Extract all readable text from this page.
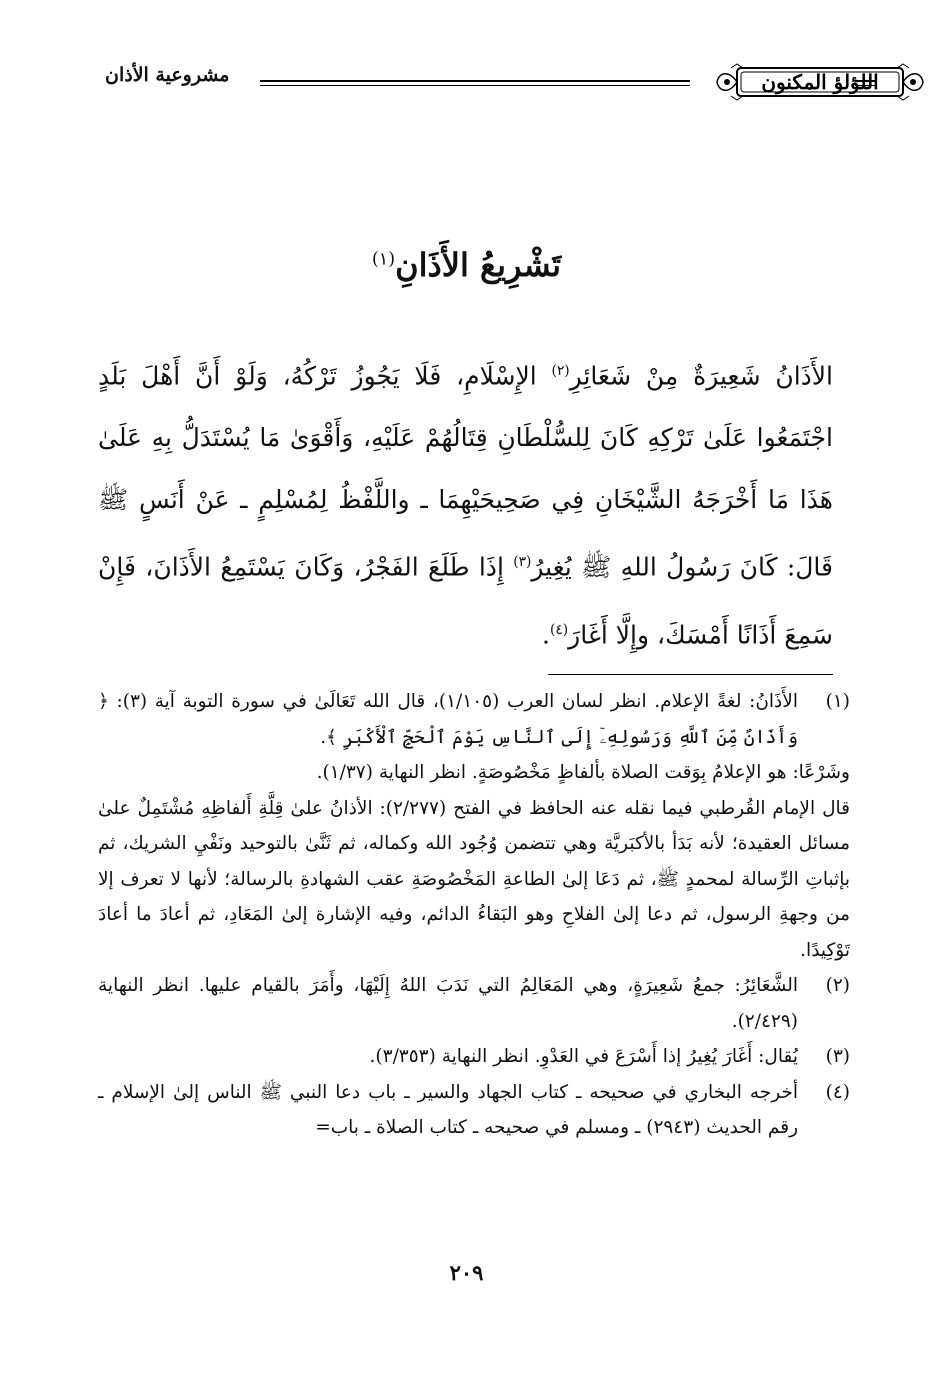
مشروعية الأذان	اللؤلؤ المكنون
تَشْرِيعُ الأَذَانِ$^{(١)}$
الأَذَانُ شَعِيرَةٌ مِنْ شَعَائِرِ$^{(٢)}$ الإِسْلَامِ، فَلَا يَجُوزُ تَرْكُهُ، وَلَوْ أَنَّ أَهْلَ بَلَدٍ اجْتَمَعُوا عَلَىٰ تَرْكِهِ كَانَ لِلسُّلْطَانِ قِتَالُهُمْ عَلَيْهِ، وَأَقْوَىٰ مَا يُسْتَدَلُّ بِهِ عَلَىٰ هَذَا مَا أَخْرَجَهُ الشَّيْخَانِ فِي صَحِيحَيْهِمَا ـ واللَّفْظُ لِمُسْلِمٍ ـ عَنْ أَنَسٍ ﷺ قَالَ: كَانَ رَسُولُ اللهِ ﷺ يُغِيرُ$^{(٣)}$ إِذَا طَلَعَ الفَجْرُ، وَكَانَ يَسْتَمِعُ الأَذَانَ، فَإِنْ سَمِعَ أَذَانًا أَمْسَكَ، وإِلَّا أَغَارَ$^{(٤)}$.
(١)
الأَذَانُ: لغةً الإعلام. انظر لسان العرب (١/١٠٥)، قال الله تَعَالَىٰ في سورة التوبة آية (٣): ﴿ وَأَذَانٌ مِّنَ ٱللَّهِ وَرَسُولِهِۦٓ إِلَى ٱلنَّاسِ يَوْمَ ٱلْحَجِّ ٱلْأَكْبَرِ ﴾.
وشَرْعًا: هو الإعلامُ بِوَقت الصلاة بألفاظٍ مَخْصُوصَةٍ. انظر النهاية (١/٣٧).
قال الإمام القُرطبي فيما نقله عنه الحافظ في الفتح (٢/٢٧٧): الأذانُ علىٰ قِلَّةِ أَلفاظِهِ مُشْتَمِلٌ علىٰ مسائل العقيدة؛ لأنه بَدَأ بالأكبَريَّة وهي تتضمن وُجُود الله وكماله، ثم ثَنَّىٰ بالتوحيد ونَفْيِ الشريك، ثم بإثباتِ الرِّسالة لمحمدٍ ﷺ، ثم دَعَا إلىٰ الطاعةِ المَخْصُوصَةِ عقب الشهادةِ بالرسالة؛ لأنها لا تعرف إلا من وجهةِ الرسول، ثم دعا إلىٰ الفلاحِ وهو البَقاءُ الدائم، وفيه الإشارة إلىٰ المَعَادِ، ثم أعادَ ما أعادَ تَوْكِيدًا.
(٢)
الشَّعَائِرُ: جمعُ شَعِيرَةٍ، وهي المَعَالِمُ التي نَدَبَ اللهُ إِلَيْهَا، وأَمَرَ بالقيام عليها. انظر النهاية (٢/٤٢٩).
(٣)
يُقال: أَغَارَ يُغِيرُ إذا أَسْرَعَ في العَدْوِ. انظر النهاية (٣/٣٥٣).
(٤)
أخرجه البخاري في صحيحه ـ كتاب الجهاد والسير ـ باب دعا النبي ﷺ الناس إلىٰ الإسلام ـ رقم الحديث (٢٩٤٣) ـ ومسلم في صحيحه ـ كتاب الصلاة ـ باب=
٢٠٩
